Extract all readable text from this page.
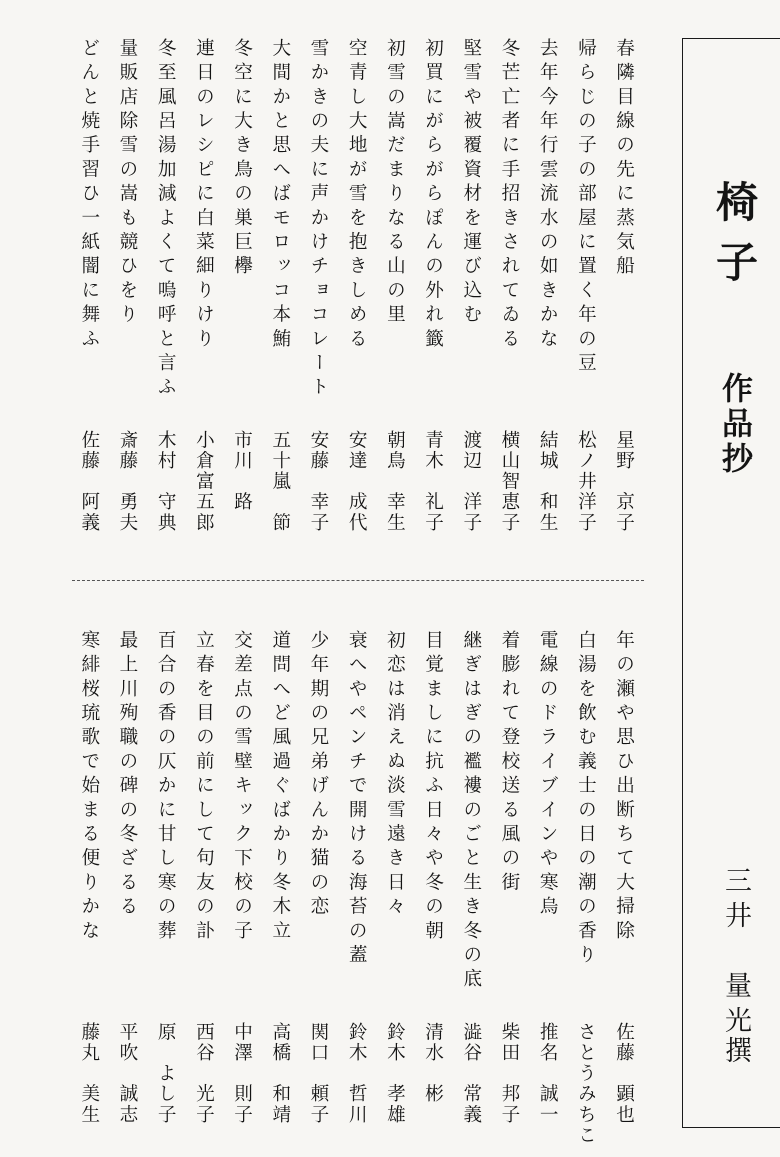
椅子
作品抄
三井　量光
撰
春隣目線の先に蒸気船
星野　京子
帰らじの子の部屋に置く年の豆
松ノ井洋子
去年今年行雲流水の如きかな
結城　和生
冬芒亡者に手招きされてゐる
横山智恵子
堅雪や被覆資材を運び込む
渡辺　洋子
初買にがらがらぽんの外れ籤
青木　礼子
初雪の嵩だまりなる山の里
朝鳥　幸生
空青し大地が雪を抱きしめる
安達　成代
雪かきの夫に声かけチョコレート
安藤　幸子
大間かと思へばモロッコ本鮪
五十嵐　節
冬空に大き鳥の巣巨欅
市川　路
連日のレシピに白菜細りけり
小倉富五郎
冬至風呂湯加減よくて嗚呼と言ふ
木村　守典
量販店除雪の嵩も競ひをり
斎藤　勇夫
どんと焼手習ひ一紙闇に舞ふ
佐藤　阿義
年の瀬や思ひ出断ちて大掃除
佐藤　顕也
白湯を飲む義士の日の潮の香り
さとうみちこ
電線のドライブインや寒烏
推名　誠一
着膨れて登校送る風の街
柴田　邦子
継ぎはぎの襤褸のごと生き冬の底
澁谷　常義
目覚ましに抗ふ日々や冬の朝
清水　彬
初恋は消えぬ淡雪遠き日々
鈴木　孝雄
衰へやペンチで開ける海苔の蓋
鈴木　哲川
少年期の兄弟げんか猫の恋
関口　頼子
道問へど風過ぐばかり冬木立
高橋　和靖
交差点の雪壁キック下校の子
中澤　則子
立春を目の前にして句友の訃
西谷　光子
百合の香の仄かに甘し寒の葬
原　よし子
最上川殉職の碑の冬ざるる
平吹　誠志
寒緋桜琉歌で始まる便りかな
藤丸　美生
